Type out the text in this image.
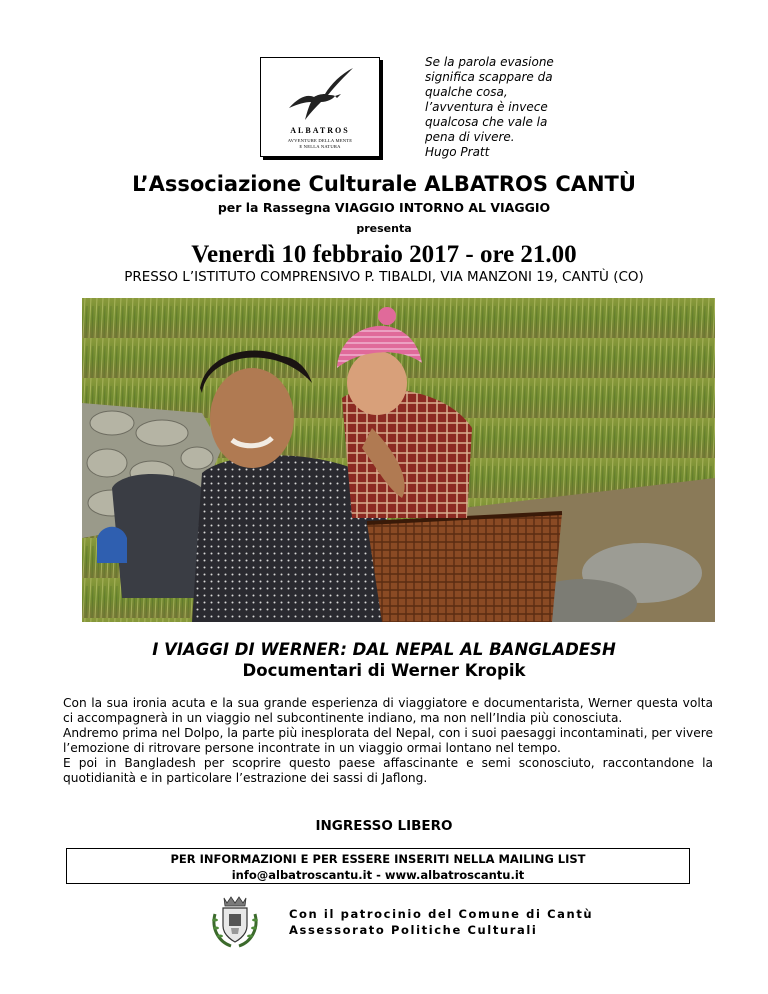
ALBATROS
AVVENTURE DELLA MENTE
E NELLA NATURA
Se la parola evasione
significa scappare da
qualche cosa,
l’avventura è invece
qualcosa che vale la
pena di vivere.
Hugo Pratt
L’Associazione Culturale ALBATROS CANTÙ
per la Rassegna VIAGGIO INTORNO AL VIAGGIO
presenta
Venerdì 10 febbraio 2017 - ore 21.00
PRESSO L’ISTITUTO COMPRENSIVO P. TIBALDI, VIA MANZONI 19, CANTÙ (CO)
I VIAGGI DI WERNER: DAL NEPAL AL BANGLADESH
Documentari di Werner Kropik

Con la sua ironia acuta e la sua grande esperienza di viaggiatore e documentarista, Werner questa volta ci accompagnerà in un viaggio nel subcontinente indiano, ma non nell’India più conosciuta.

Andremo prima nel Dolpo, la parte più inesplorata del Nepal, con i suoi paesaggi incontaminati, per vivere l’emozione di ritrovare persone incontrate in un viaggio ormai lontano nel tempo.

E poi in Bangladesh per scoprire questo paese affascinante e semi sconosciuto, raccontandone la quotidianità e in particolare l’estrazione dei sassi di Jaflong.

INGRESSO LIBERO
PER INFORMAZIONI E PER ESSERE INSERITI NELLA MAILING LIST
info@albatroscantu.it - www.albatroscantu.it
Con il patrocinio del Comune di Cantù
Assessorato Politiche Culturali
